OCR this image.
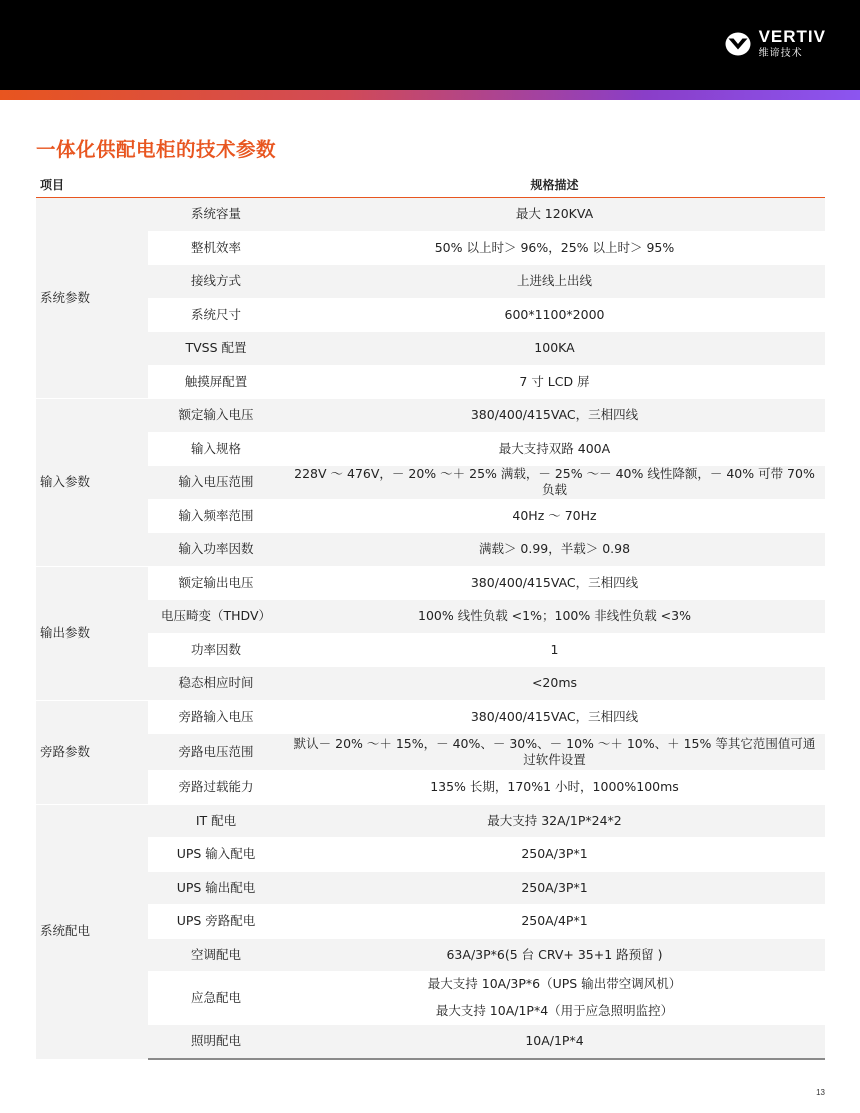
VERTIV
维谛技术
一体化供配电柜的技术参数
项目		规格描述
系统参数	系统容量	最大 120KVA
	整机效率	50% 以上时＞ 96%，25% 以上时＞ 95%
	接线方式	上进线上出线
	系统尺寸	600*1100*2000
	TVSS 配置	100KA
	触摸屏配置	7 寸 LCD 屏
输入参数	额定输入电压	380/400/415VAC，三相四线
	输入规格	最大支持双路 400A
	输入电压范围	228V ～ 476V，－ 20% ～＋ 25% 满载，－ 25% ～－ 40% 线性降额，－ 40% 可带 70% 负载
	输入频率范围	40Hz ～ 70Hz
	输入功率因数	满载＞ 0.99，半载＞ 0.98
输出参数	额定输出电压	380/400/415VAC，三相四线
	电压畸变（THDV）	100% 线性负载 <1%；100% 非线性负载 <3%
	功率因数	1
	稳态相应时间	<20ms
旁路参数	旁路输入电压	380/400/415VAC，三相四线
	旁路电压范围	默认－ 20% ～＋ 15%，－ 40%、－ 30%、－ 10% ～＋ 10%、＋ 15% 等其它范围值可通过软件设置
	旁路过载能力	135% 长期，170%1 小时，1000%100ms
系统配电	IT 配电	最大支持 32A/1P*24*2
	UPS 输入配电	250A/3P*1
	UPS 输出配电	250A/3P*1
	UPS 旁路配电	250A/4P*1
	空调配电	63A/3P*6(5 台 CRV+ 35+1 路预留 )
	应急配电	最大支持 10A/3P*6（UPS 输出带空调风机）
		最大支持 10A/1P*4（用于应急照明监控）
	照明配电	10A/1P*4
13
